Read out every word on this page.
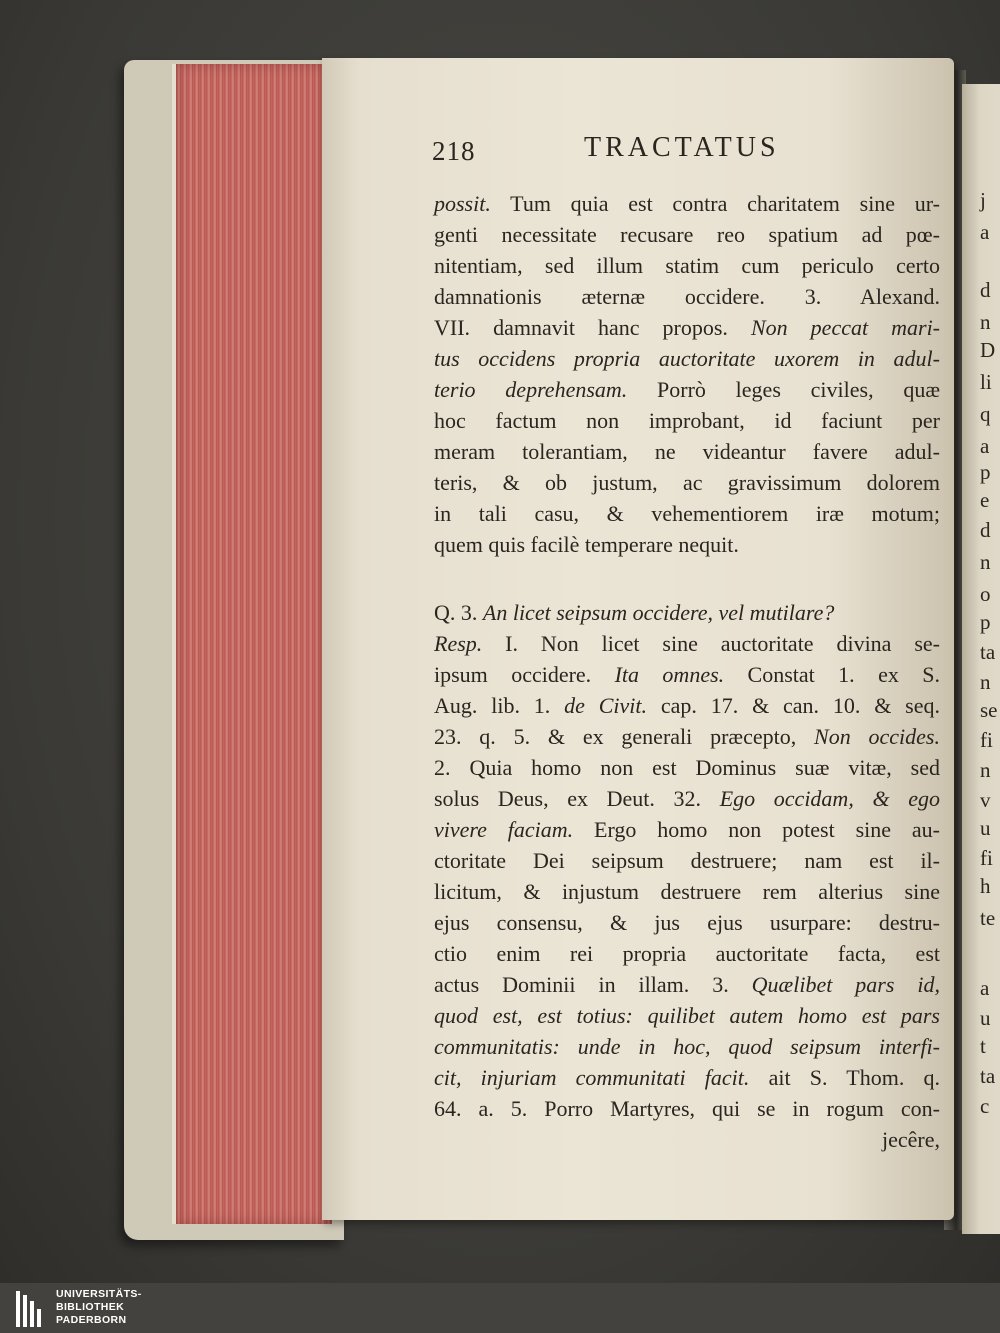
j
a
d
n
D
li
q
a
p
e
d
n
o
p
ta
n
se
fi
n
v
u
fi
h
te
a
u
t
ta
c
218	TRACTATUS
possit. Tum quia est contra charitatem sine ur-
genti necessitate recusare reo spatium ad pœ-
nitentiam, sed illum statim cum periculo certo
damnationis æternæ occidere. 3. Alexand.
VII. damnavit hanc propos. Non peccat mari-
tus occidens propria auctoritate uxorem in adul-
terio deprehensam. Porrò leges civiles, quæ
hoc factum non improbant, id faciunt per
meram tolerantiam, ne videantur favere adul-
teris, & ob justum, ac gravissimum dolorem
in tali casu, & vehementiorem iræ motum;
quem quis facilè temperare nequit.
Q. 3. An licet seipsum occidere, vel mutilare?
Resp. I. Non licet sine auctoritate divina se-
ipsum occidere. Ita omnes. Constat 1. ex S.
Aug. lib. 1. de Civit. cap. 17. & can. 10. & seq.
23. q. 5. & ex generali præcepto, Non occides.
2. Quia homo non est Dominus suæ vitæ, sed
solus Deus, ex Deut. 32. Ego occidam, & ego
vivere faciam. Ergo homo non potest sine au-
ctoritate Dei seipsum destruere; nam est il-
licitum, & injustum destruere rem alterius sine
ejus consensu, & jus ejus usurpare: destru-
ctio enim rei propria auctoritate facta, est
actus Dominii in illam. 3. Quælibet pars id,
quod est, est totius: quilibet autem homo est pars
communitatis: unde in hoc, quod seipsum interfi-
cit, injuriam communitati facit. ait S. Thom. q.
64. a. 5. Porro Martyres, qui se in rogum con-
jecêre,
UNIVERSITÄTS-
BIBLIOTHEK
PADERBORN
